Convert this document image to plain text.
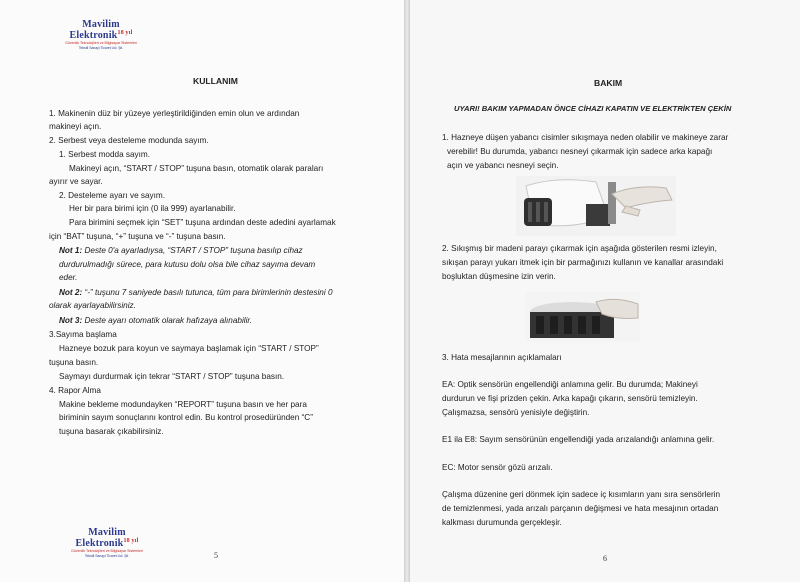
Mavilim Elektronik$^{18 yıl}$
Güvenlik Teknolojileri ve Bilgisayar Sistemleri
Tekstil Sanayi Ticaret Ltd. Şti.
KULLANIM
1. Makinenin düz bir yüzeye yerleştirildiğinden emin olun ve ardından
makineyi açın.
2. Serbest veya desteleme modunda sayım.
1. Serbest modda sayım.
Makineyi açın, “START / STOP” tuşuna basın, otomatik olarak paraları
ayırır ve sayar.
2. Desteleme ayarı ve sayım.
Her bir para birimi için (0 ila 999) ayarlanabilir.
Para birimini seçmek için “SET” tuşuna ardından deste adedini ayarlamak
için “BAT” tuşuna, “+” tuşuna ve “-” tuşuna basın.
Not 1: Deste 0'a ayarladıysa, “START / STOP” tuşuna basılıp cihaz
durdurulmadığı sürece, para kutusu dolu olsa bile cihaz sayıma devam
eder.
Not 2: “-” tuşunu 7 saniyede basılı tutunca, tüm para birimlerinin destesini 0
olarak ayarlayabilirsiniz.
Not 3: Deste ayarı otomatik olarak hafızaya alınabilir.
3.Sayıma başlama
Hazneye bozuk para koyun ve saymaya başlamak için “START / STOP”
tuşuna basın.
Saymayı durdurmak için tekrar “START / STOP” tuşuna basın.
4. Rapor Alma
Makine bekleme modundayken “REPORT” tuşuna basın ve her para
biriminin sayım sonuçlarını kontrol edin. Bu kontrol prosedüründen “C”
tuşuna basarak çıkabilirsiniz.
Mavilim Elektronik$^{18 yıl}$
Güvenlik Teknolojileri ve Bilgisayar Sistemleri
Tekstil Sanayi Ticaret Ltd. Şti.	5
BAKIM
UYARI! BAKIM YAPMADAN ÖNCE CİHAZI KAPATIN VE ELEKTRİKTEN ÇEKİN
1. Hazneye düşen yabancı cisimler sıkışmaya neden olabilir ve makineye zarar
verebilir! Bu durumda, yabancı nesneyi çıkarmak için sadece arka kapağı
açın ve yabancı nesneyi seçin.
2. Sıkışmış bir madeni parayı çıkarmak için aşağıda gösterilen resmi izleyin,
sıkışan parayı yukarı itmek için bir parmağınızı kullanın ve kanallar arasındaki
boşluktan düşmesine izin verin.
3. Hata mesajlarının açıklamaları
EA: Optik sensörün engellendiği anlamına gelir. Bu durumda; Makineyi
durdurun ve fişi prizden çekin. Arka kapağı çıkarın, sensörü temizleyin.
Çalışmazsa, sensörü yenisiyle değiştirin.
E1 ila E8: Sayım sensörünün engellendiği yada arızalandığı anlamına gelir.
EC: Motor sensör gözü arızalı.
Çalışma düzenine geri dönmek için sadece iç kısımların yanı sıra sensörlerin
de temizlenmesi, yada arızalı parçanın değişmesi ve hata mesajının ortadan
kalkması durumunda gerçekleşir.
6
